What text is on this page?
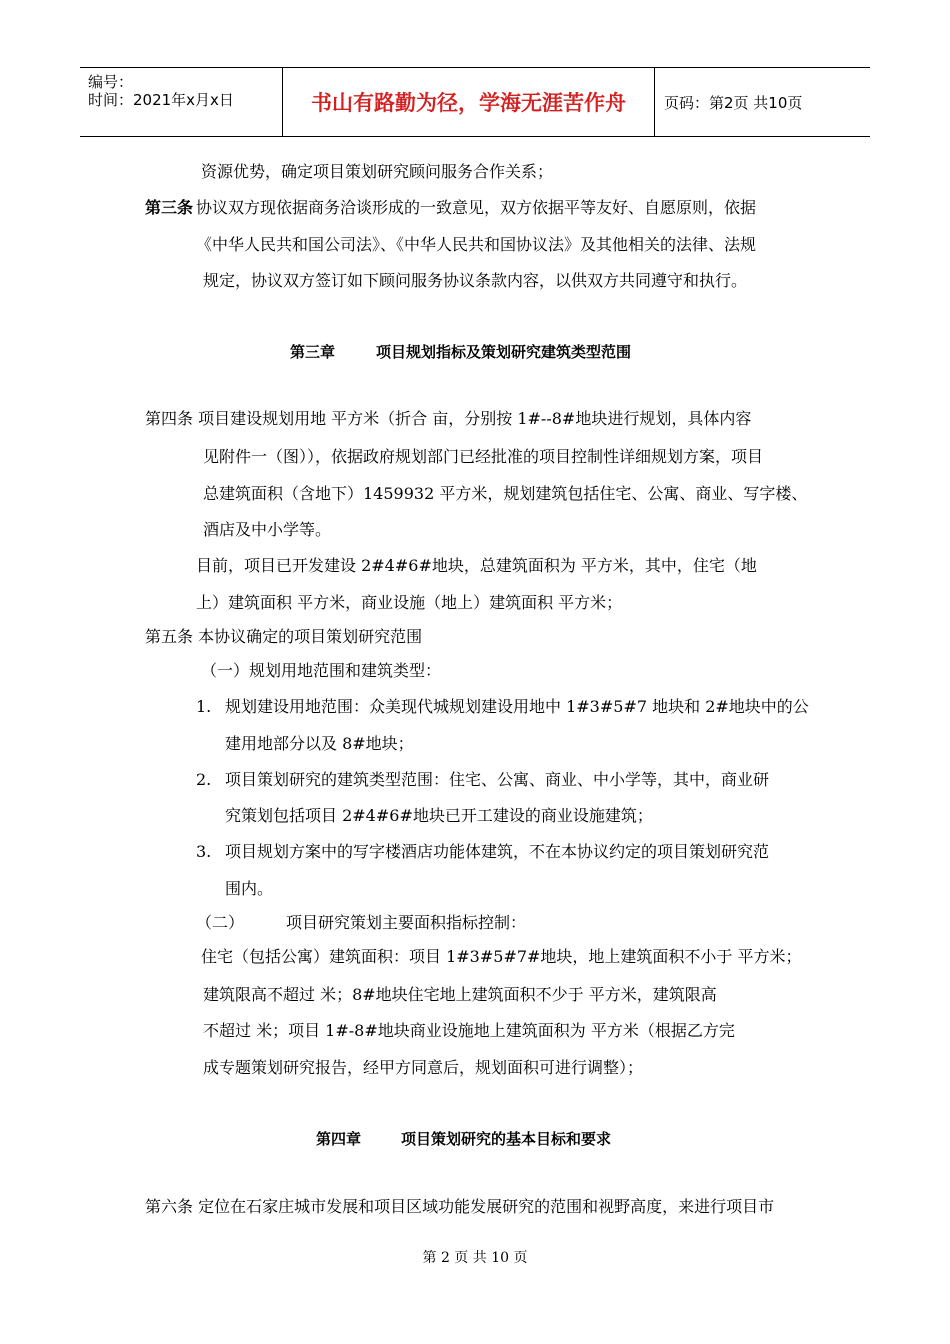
编号：
时间：2021年x月x日	书山有路勤为径，学海无涯苦作舟	页码：第2页 共10页
资源优势，确定项目策划研究顾问服务合作关系；
第三条 协议双方现依据商务洽谈形成的一致意见，双方依据平等友好、自愿原则，依据
《中华人民共和国公司法》、《中华人民共和国协议法》及其他相关的法律、法规
规定，协议双方签订如下顾问服务协议条款内容，以供双方共同遵守和执行。
第三章	项目规划指标及策划研究建筑类型范围
第四条 项目建设规划用地 平方米（折合 亩，分别按 1#--8#地块进行规划，具体内容
见附件一（图）），依据政府规划部门已经批准的项目控制性详细规划方案，项目
总建筑面积（含地下）1459932 平方米，规划建筑包括住宅、公寓、商业、写字楼、
酒店及中小学等。
目前，项目已开发建设 2#4#6#地块，总建筑面积为 平方米，其中，住宅（地
上）建筑面积 平方米，商业设施（地上）建筑面积 平方米；
第五条 本协议确定的项目策划研究范围
（一）规划用地范围和建筑类型：
1. 规划建设用地范围：众美现代城规划建设用地中 1#3#5#7 地块和 2#地块中的公
建用地部分以及 8#地块；
2. 项目策划研究的建筑类型范围：住宅、公寓、商业、中小学等，其中，商业研
究策划包括项目 2#4#6#地块已开工建设的商业设施建筑；
3. 项目规划方案中的写字楼酒店功能体建筑，不在本协议约定的项目策划研究范
围内。
（二）	项目研究策划主要面积指标控制：
住宅（包括公寓）建筑面积：项目 1#3#5#7#地块，地上建筑面积不小于 平方米；
建筑限高不超过 米；8#地块住宅地上建筑面积不少于 平方米，建筑限高
不超过 米；项目 1#-8#地块商业设施地上建筑面积为 平方米（根据乙方完
成专题策划研究报告，经甲方同意后，规划面积可进行调整）；
第四章	项目策划研究的基本目标和要求
第六条 定位在石家庄城市发展和项目区域功能发展研究的范围和视野高度，来进行项目市
第 2 页 共 10 页
